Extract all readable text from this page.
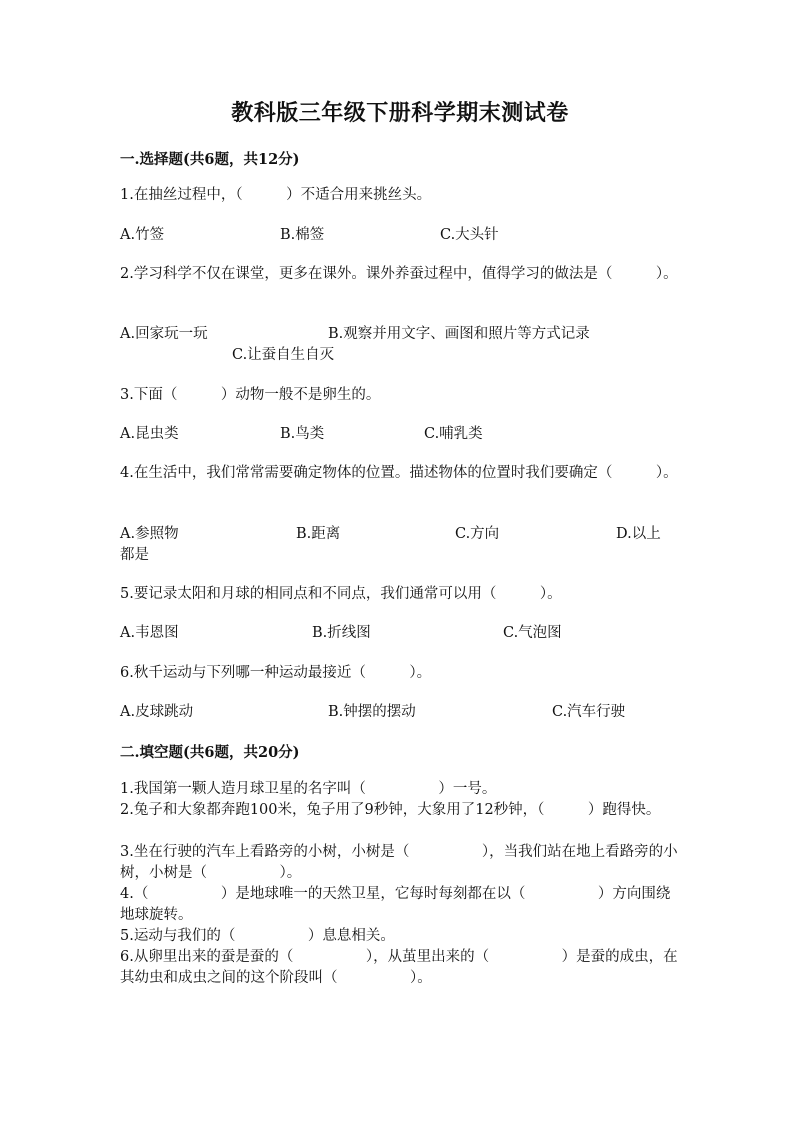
教科版三年级下册科学期末测试卷
一.选择题(共6题，共12分)
1.在抽丝过程中，（　　　）不适合用来挑丝头。
A.竹签	B.棉签	C.大头针
2.学习科学不仅在课堂，更多在课外。课外养蚕过程中，值得学习的做法是（　　　）。
A.回家玩一玩	B.观察并用文字、画图和照片等方式记录
C.让蚕自生自灭
3.下面（　　　）动物一般不是卵生的。
A.昆虫类	B.鸟类	C.哺乳类
4.在生活中，我们常常需要确定物体的位置。描述物体的位置时我们要确定（　　　）。
A.参照物	B.距离	C.方向	D.以上
都是
5.要记录太阳和月球的相同点和不同点，我们通常可以用（　　　）。
A.韦恩图	B.折线图	C.气泡图
6.秋千运动与下列哪一种运动最接近（　　　）。
A.皮球跳动	B.钟摆的摆动	C.汽车行驶
二.填空题(共6题，共20分)
1.我国第一颗人造月球卫星的名字叫（　　　　　）一号。
2.兔子和大象都奔跑100米，兔子用了9秒钟，大象用了12秒钟，（　　　）跑得快。
3.坐在行驶的汽车上看路旁的小树，小树是（　　　　　），当我们站在地上看路旁的小树，小树是（　　　　　）。
4.（　　　　　）是地球唯一的天然卫星，它每时每刻都在以（　　　　　）方向围绕地球旋转。
5.运动与我们的（　　　　　）息息相关。
6.从卵里出来的蚕是蚕的（　　　　　），从茧里出来的（　　　　　）是蚕的成虫，在其幼虫和成虫之间的这个阶段叫（　　　　　）。
